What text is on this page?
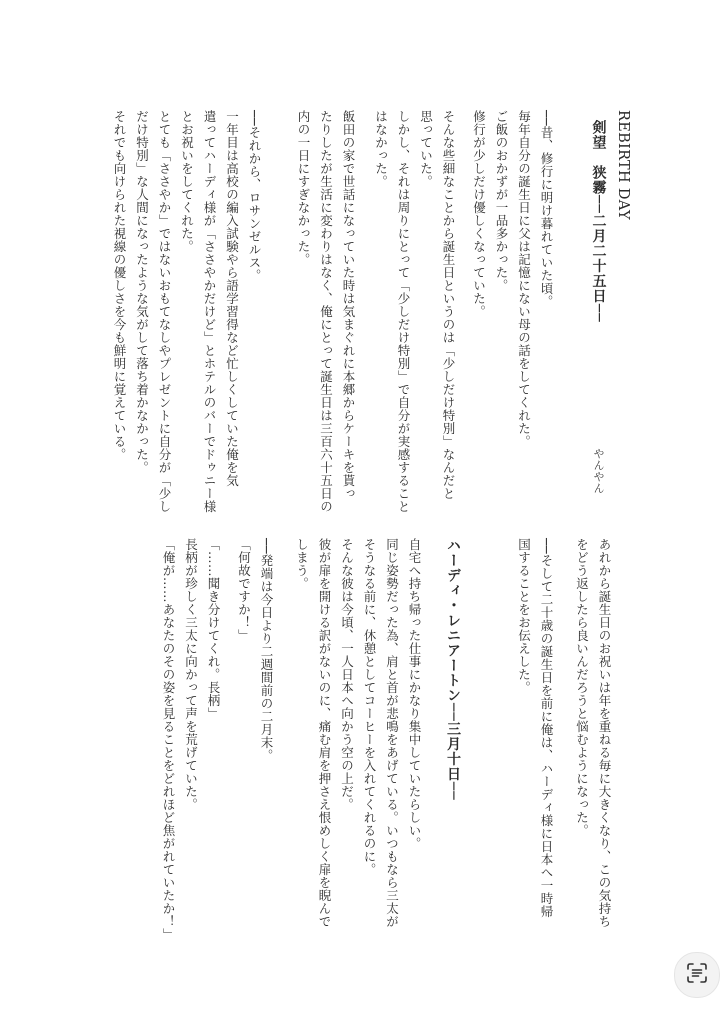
REBIRTH DAY
剣望　狭霧──二月二十五日──
やんやん
──昔、修行に明け暮れていた頃。
毎年自分の誕生日に父は記憶にない母の話をしてくれた。
ご飯のおかずが一品多かった。
修行が少しだけ優しくなっていた。
そんな些細なことから誕生日というのは「少しだけ特別」なんだと
思っていた。
しかし、それは周りにとって「少しだけ特別」で自分が実感すること
はなかった。
飯田の家で世話になっていた時は気まぐれに本郷からケーキを貰っ
たりしたが生活に変わりはなく、俺にとって誕生日は三百六十五日の
内の一日にすぎなかった。
──それから、ロサンゼルス。
一年目は高校の編入試験やら語学習得など忙しくしていた俺を気
遣ってハーディ様が「ささやかだけど」とホテルのバーでドゥニー様
とお祝いをしてくれた。
とても「ささやか」ではないおもてなしやプレゼントに自分が「少し
だけ特別」な人間になったような気がして落ち着かなかった。
それでも向けられた視線の優しさを今も鮮明に覚えている。
あれから誕生日のお祝いは年を重ねる毎に大きくなり、この気持ち
をどう返したら良いんだろうと悩むようになった。
──そして二十歳の誕生日を前に俺は、ハーディ様に日本へ一時帰
国することをお伝えした。
ハーディ・レニアートン──三月十日──
自宅へ持ち帰った仕事にかなり集中していたらしい。
同じ姿勢だった為、肩と首が悲鳴をあげている。いつもなら三太が
そうなる前に、休憩としてコーヒーを入れてくれるのに。
そんな彼は今頃、一人日本へ向かう空の上だ。
彼が扉を開ける訳がないのに、痛む肩を押さえ恨めしく扉を睨んで
しまう。
──発端は今日より二週間前の二月末。
「何故ですか！」
「……聞き分けてくれ。長柄」
長柄が珍しく三太に向かって声を荒げていた。
「俺が……あなたのその姿を見ることをどれほど焦がれていたか！」
